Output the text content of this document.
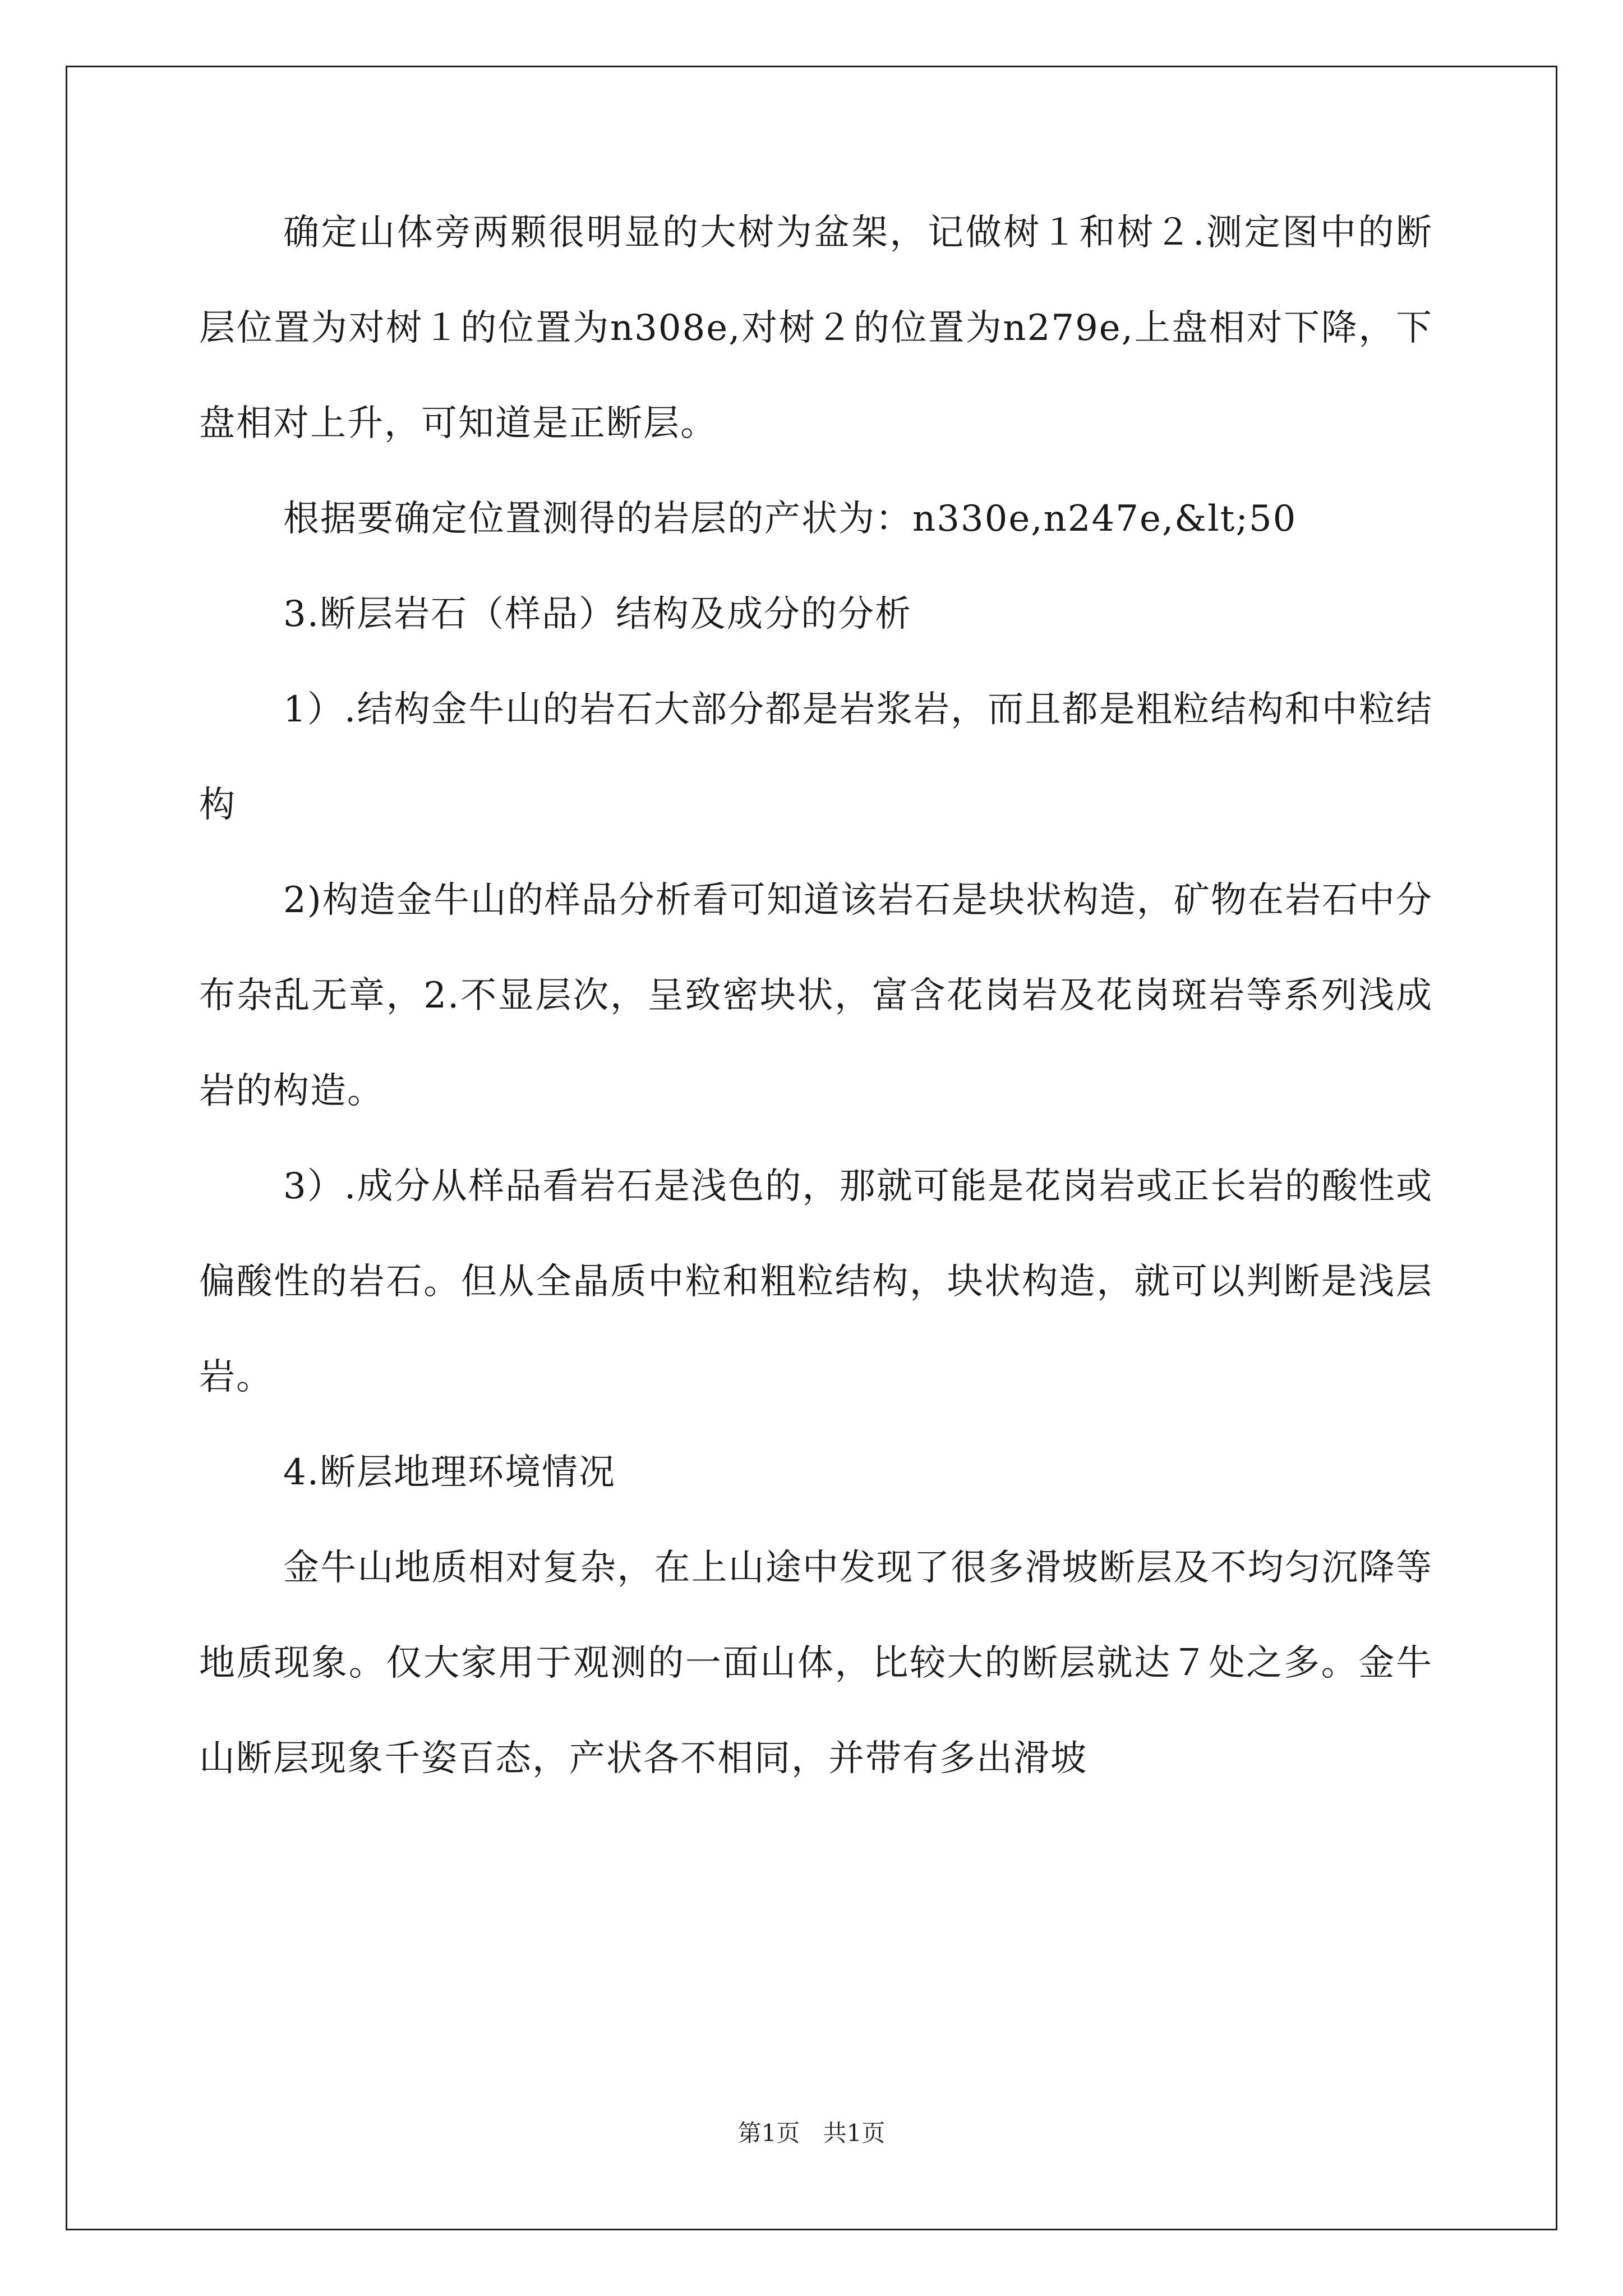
确定山体旁两颗很明显的大树为盆架，记做树１和树２.测定图中的断层位置为对树１的位置为n308e,对树２的位置为n279e,上盘相对下降，下盘相对上升，可知道是正断层。

根据要确定位置测得的岩层的产状为：n330e,n247e,&lt;50

3.断层岩石（样品）结构及成分的分析

1）.结构金牛山的岩石大部分都是岩浆岩，而且都是粗粒结构和中粒结构

2)构造金牛山的样品分析看可知道该岩石是块状构造，矿物在岩石中分布杂乱无章，2.不显层次，呈致密块状，富含花岗岩及花岗斑岩等系列浅成岩的构造。

3）.成分从样品看岩石是浅色的，那就可能是花岗岩或正长岩的酸性或偏酸性的岩石。但从全晶质中粒和粗粒结构，块状构造，就可以判断是浅层岩。

4.断层地理环境情况

金牛山地质相对复杂，在上山途中发现了很多滑坡断层及不均匀沉降等地质现象。仅大家用于观测的一面山体，比较大的断层就达７处之多。金牛山断层现象千姿百态，产状各不相同，并带有多出滑坡

第1页 共1页
